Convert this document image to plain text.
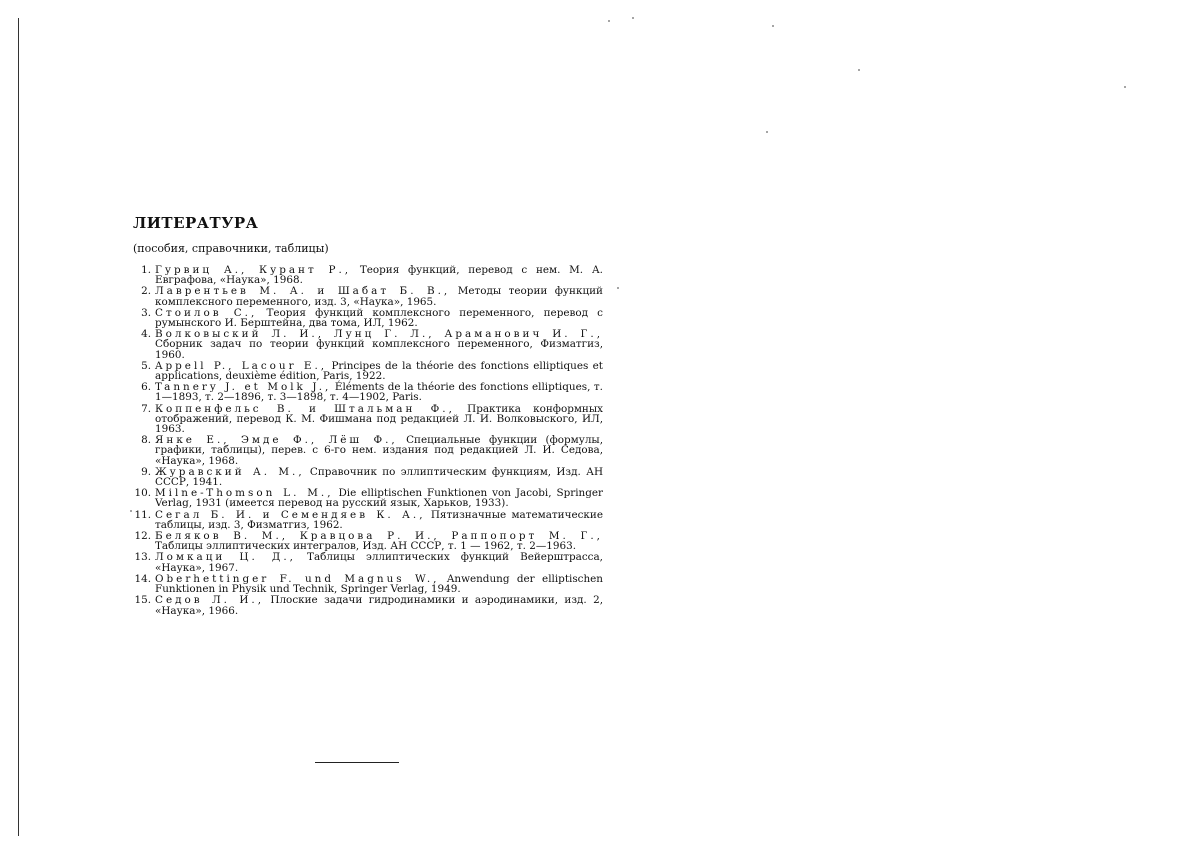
ЛИТЕРАТУРА
(пособия, справочники, таблицы)
1. Гурвиц А., Курант Р., Теория функций, перевод с нем. М. А. Евграфова, «Наука», 1968.
2. Лаврентьев М. А. и Шабат Б. В., Методы теории функций комплексного переменного, изд. 3, «Наука», 1965.
3. Стоилов С., Теория функций комплексного переменного, перевод с румынского И. Берштейна, два тома, ИЛ, 1962.
4. Волковыский Л. И., Лунц Г. Л., Араманович И. Г., Сборник задач по теории функций комплексного переменного, Физматгиз, 1960.
5. Appell P., Lacour E., Principes de la théorie des fonctions elliptiques et applications, deuxième édition, Paris, 1922.
6. Tannery J. et Molk J., Éléments de la théorie des fonctions elliptiques, т. 1—1893, т. 2—1896, т. 3—1898, т. 4—1902, Paris.
7. Коппенфельс В. и Штальман Ф., Практика конформных отображений, перевод К. М. Фишмана под редакцией Л. И. Волковыского, ИЛ, 1963.
8. Янке Е., Эмде Ф., Лёш Ф., Специальные функции (формулы, графики, таблицы), перев. с 6-го нем. издания под редакцией Л. И. Седова, «Наука», 1968.
9. Журавский А. М., Справочник по эллиптическим функциям, Изд. АН СССР, 1941.
10. Milne-Thomson L. M., Die elliptischen Funktionen von Jacobi, Springer Verlag, 1931 (имеется перевод на русский язык, Харьков, 1933).
11. Сегал Б. И. и Семендяев К. А., Пятизначные математические таблицы, изд. 3, Физматгиз, 1962.
12. Беляков В. М., Кравцова Р. И., Раппопорт М. Г., Таблицы эллиптических интегралов, Изд. АН СССР, т. 1 — 1962, т. 2—1963.
13. Ломкаци Ц. Д., Таблицы эллиптических функций Вейерштрасса, «Наука», 1967.
14. Oberhettinger F. und Magnus W., Anwendung der elliptischen Funktionen in Physik und Technik, Springer Verlag, 1949.
15. Седов Л. И., Плоские задачи гидродинамики и аэродинамики, изд. 2, «Наука», 1966.
